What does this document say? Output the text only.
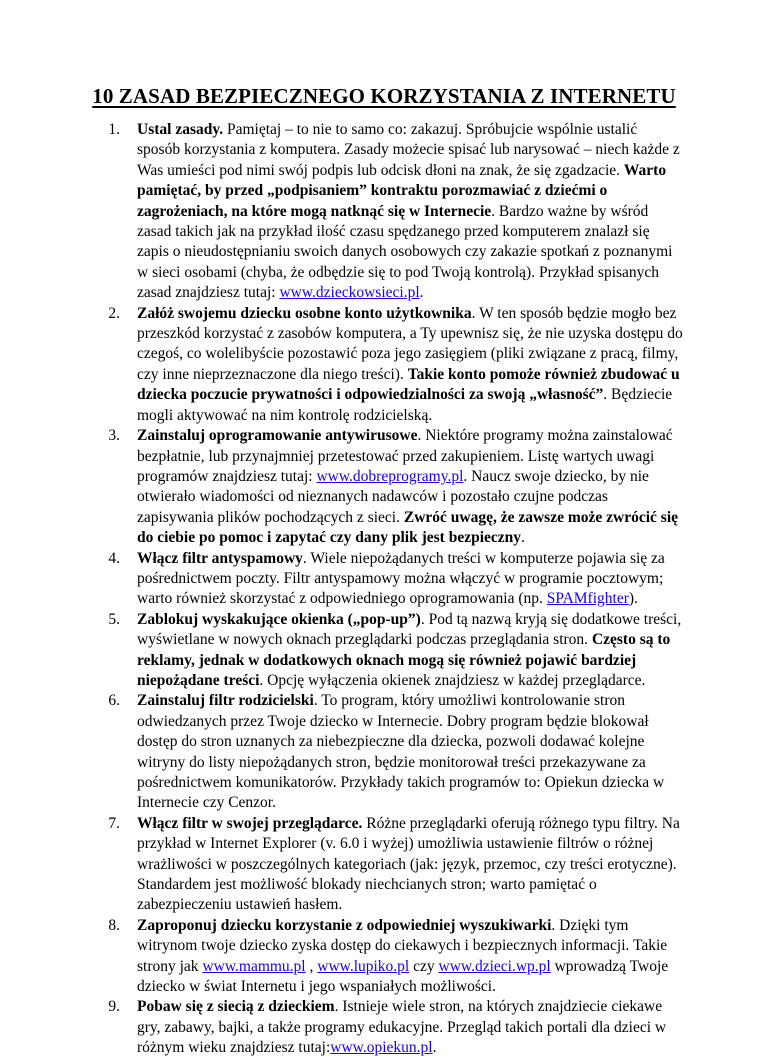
10 ZASAD BEZPIECZNEGO KORZYSTANIA Z INTERNETU
1. Ustal zasady. Pamiętaj – to nie to samo co: zakazuj. Spróbujcie wspólnie ustalić sposób korzystania z komputera. Zasady możecie spisać lub narysować – niech każde z Was umieści pod nimi swój podpis lub odcisk dłoni na znak, że się zgadzacie. Warto pamiętać, by przed „podpisaniem” kontraktu porozmawiać z dziećmi o zagrożeniach, na które mogą natknąć się w Internecie. Bardzo ważne by wśród zasad takich jak na przykład ilość czasu spędzanego przed komputerem znalazł się zapis o nieudostępnianiu swoich danych osobowych czy zakazie spotkań z poznanymi w sieci osobami (chyba, że odbędzie się to pod Twoją kontrolą). Przykład spisanych zasad znajdziesz tutaj: www.dzieckowsieci.pl.
2. Załóż swojemu dziecku osobne konto użytkownika. W ten sposób będzie mogło bez przeszkód korzystać z zasobów komputera, a Ty upewnisz się, że nie uzyska dostępu do czegoś, co wolelibyście pozostawić poza jego zasięgiem (pliki związane z pracą, filmy, czy inne nieprzeznaczone dla niego treści). Takie konto pomoże również zbudować u dziecka poczucie prywatności i odpowiedzialności za swoją „własność”. Będziecie mogli aktywować na nim kontrolę rodzicielską.
3. Zainstaluj oprogramowanie antywirusowe. Niektóre programy można zainstalować bezpłatnie, lub przynajmniej przetestować przed zakupieniem. Listę wartych uwagi programów znajdziesz tutaj: www.dobreprogramy.pl. Naucz swoje dziecko, by nie otwierało wiadomości od nieznanych nadawców i pozostało czujne podczas zapisywania plików pochodzących z sieci. Zwróć uwagę, że zawsze może zwrócić się do ciebie po pomoc i zapytać czy dany plik jest bezpieczny.
4. Włącz filtr antyspamowy. Wiele niepożądanych treści w komputerze pojawia się za pośrednictwem poczty. Filtr antyspamowy można włączyć w programie pocztowym; warto również skorzystać z odpowiedniego oprogramowania (np. SPAMfighter).
5. Zablokuj wyskakujące okienka („pop-up”). Pod tą nazwą kryją się dodatkowe treści, wyświetlane w nowych oknach przeglądarki podczas przeglądania stron. Często są to reklamy, jednak w dodatkowych oknach mogą się również pojawić bardziej niepożądane treści. Opcję wyłączenia okienek znajdziesz w każdej przeglądarce.
6. Zainstaluj filtr rodzicielski. To program, który umożliwi kontrolowanie stron odwiedzanych przez Twoje dziecko w Internecie. Dobry program będzie blokował dostęp do stron uznanych za niebezpieczne dla dziecka, pozwoli dodawać kolejne witryny do listy niepożądanych stron, będzie monitorował treści przekazywane za pośrednictwem komunikatorów. Przykłady takich programów to: Opiekun dziecka w Internecie czy Cenzor.
7. Włącz filtr w swojej przeglądarce. Różne przeglądarki oferują różnego typu filtry. Na przykład w Internet Explorer (v. 6.0 i wyżej) umożliwia ustawienie filtrów o różnej wrażliwości w poszczególnych kategoriach (jak: język, przemoc, czy treści erotyczne). Standardem jest możliwość blokady niechcianych stron; warto pamiętać o zabezpieczeniu ustawień hasłem.
8. Zaproponuj dziecku korzystanie z odpowiedniej wyszukiwarki. Dzięki tym witrynom twoje dziecko zyska dostęp do ciekawych i bezpiecznych informacji. Takie strony jak www.mammu.pl , www.lupiko.pl czy www.dzieci.wp.pl wprowadzą Twoje dziecko w świat Internetu i jego wspaniałych możliwości.
9. Pobaw się z siecią z dzieckiem. Istnieje wiele stron, na których znajdziecie ciekawe gry, zabawy, bajki, a także programy edukacyjne. Przegląd takich portali dla dzieci w różnym wieku znajdziesz tutaj:www.opiekun.pl.
